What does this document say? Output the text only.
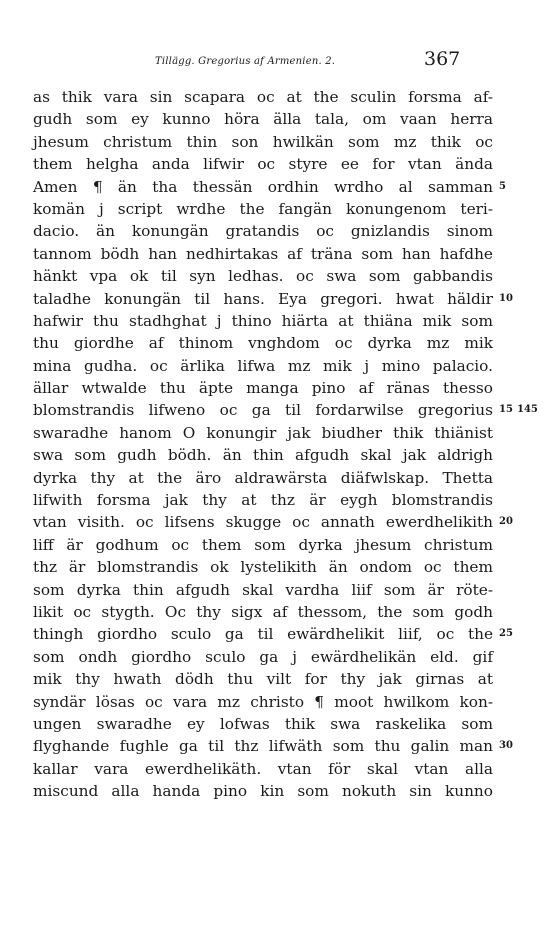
Tillägg. Gregorius af Armenien. 2.	367
as thik vara sin scapara oc at the sculin forsma af-
gudh som ey kunno höra älla tala, om vaan herra
jhesum christum thin son hwilkän som mz thik oc
them helgha anda lifwir oc styre ee for vtan ända
Amen ¶ än tha thessän ordhin wrdho al samman 5
komän j script wrdhe the fangän konungenom teri-
dacio. än konungän gratandis oc gnizlandis sinom
tannom bödh han nedhirtakas af träna som han hafdhe
hänkt vpa ok til syn ledhas. oc swa som gabbandis
taladhe konungän til hans. Eya gregori. hwat häldir 10
hafwir thu stadhghat j thino hiärta at thiäna mik som
thu giordhe af thinom vnghdom oc dyrka mz mik
mina gudha. oc ärlika lifwa mz mik j mino palacio.
ällar wtwalde thu äpte manga pino af ränas thesso
blomstrandis lifweno oc ga til fordarwilse gregorius 15 145
swaradhe hanom O konungir jak biudher thik thiänist
swa som gudh bödh. än thin afgudh skal jak aldrigh
dyrka thy at the äro aldrawärsta diäfwlskap. Thetta
lifwith forsma jak thy at thz är eygh blomstrandis
vtan visith. oc lifsens skugge oc annath ewerdhelikith 20
liff är godhum oc them som dyrka jhesum christum
thz är blomstrandis ok lystelikith än ondom oc them
som dyrka thin afgudh skal vardha liif som är röte-
likit oc stygth. Oc thy sigx af thessom, the som godh
thingh giordho sculo ga til ewärdhelikit liif, oc the 25
som ondh giordho sculo ga j ewärdhelikän eld. gif
mik thy hwath dödh thu vilt for thy jak girnas at
syndär lösas oc vara mz christo ¶ moot hwilkom kon-
ungen swaradhe ey lofwas thik swa raskelika som
flyghande fughle ga til thz lifwäth som thu galin man 30
kallar vara ewerdhelikäth. vtan för skal vtan alla
miscund alla handa pino kin som nokuth sin kunno
